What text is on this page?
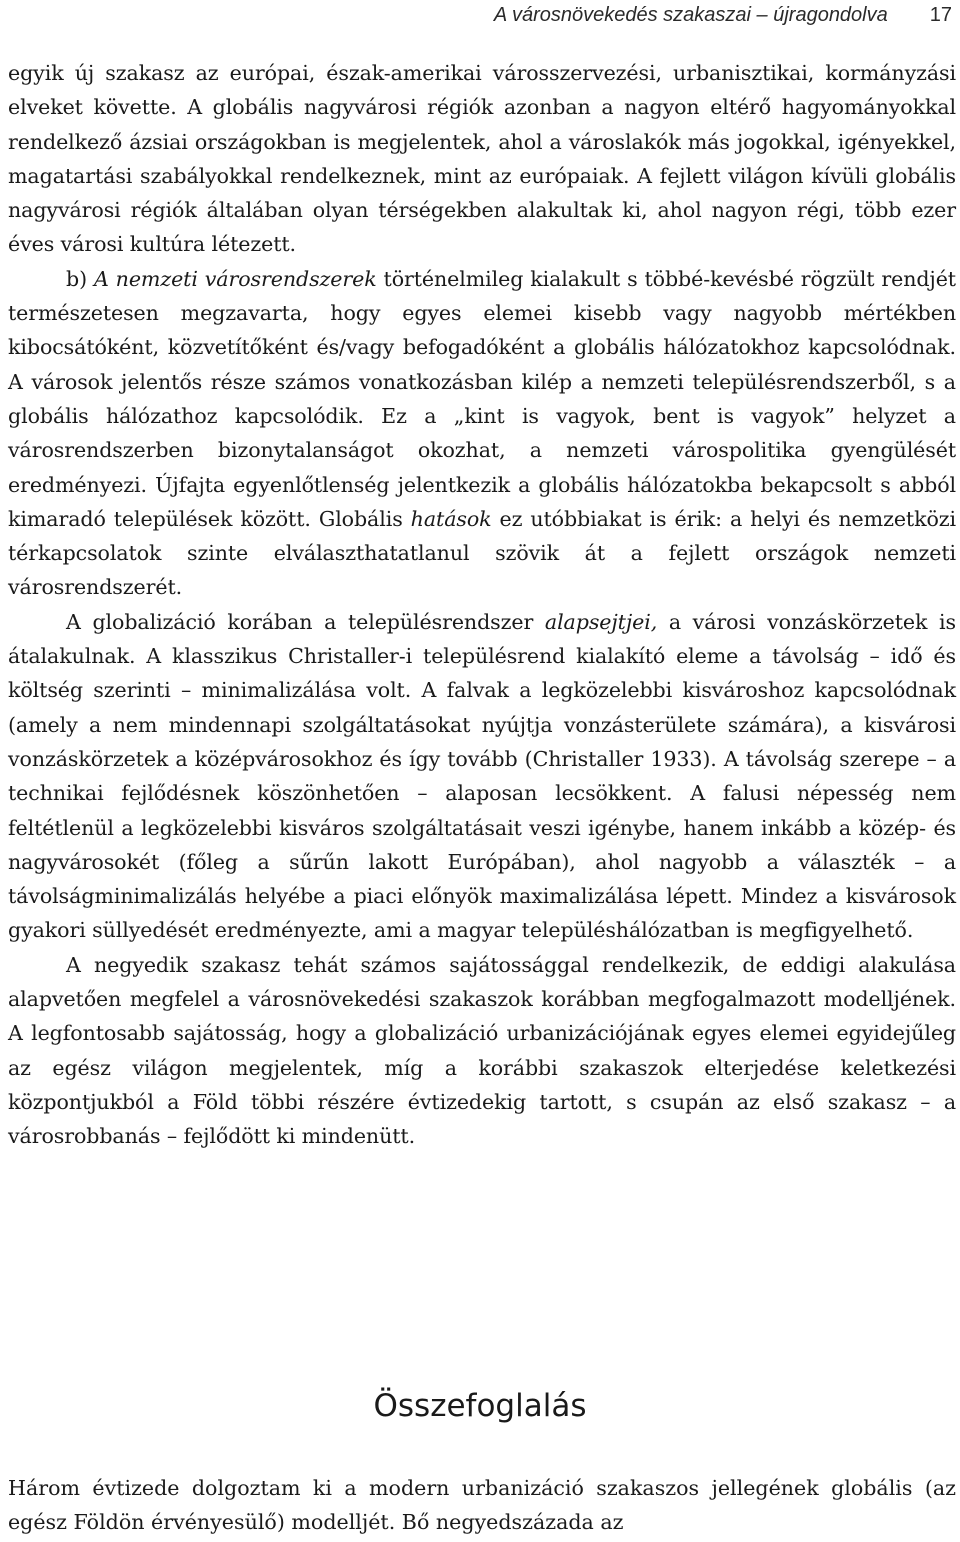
A városnövekedés szakaszai – újragondolva 17

egyik új szakasz az európai, észak-amerikai városszervezési, urbanisztikai, kormányzási elveket követte. A globális nagyvárosi régiók azonban a nagyon eltérő hagyományokkal rendelkező ázsiai országokban is megjelentek, ahol a városlakók más jogokkal, igényekkel, magatartási szabályokkal rendelkeznek, mint az európaiak. A fejlett világon kívüli globális nagyvárosi régiók általában olyan térségekben alakultak ki, ahol nagyon régi, több ezer éves városi kultúra létezett.

b) A nemzeti városrendszerek történelmileg kialakult s többé-kevésbé rögzült rendjét természetesen megzavarta, hogy egyes elemei kisebb vagy nagyobb mértékben kibocsátóként, közvetítőként és/vagy befogadóként a globális hálózatokhoz kapcsolódnak. A városok jelentős része számos vonatkozásban kilép a nemzeti településrendszerből, s a globális hálózathoz kapcsolódik. Ez a „kint is vagyok, bent is vagyok” helyzet a városrendszerben bizonytalanságot okozhat, a nemzeti várospolitika gyengülését eredményezi. Újfajta egyenlőtlenség jelentkezik a globális hálózatokba bekapcsolt s abból kimaradó települések között. Globális hatások ez utóbbiakat is érik: a helyi és nemzetközi térkapcsolatok szinte elválaszthatatlanul szövik át a fejlett országok nemzeti városrendszerét.

A globalizáció korában a településrendszer alapsejtjei, a városi vonzáskörzetek is átalakulnak. A klasszikus Christaller-i településrend kialakító eleme a távolság – idő és költség szerinti – minimalizálása volt. A falvak a legközelebbi kisvároshoz kapcsolódnak (amely a nem mindennapi szolgáltatásokat nyújtja vonzásterülete számára), a kisvárosi vonzáskörzetek a középvárosokhoz és így tovább (Christaller 1933). A távolság szerepe – a technikai fejlődésnek köszönhetően – alaposan lecsökkent. A falusi népesség nem feltétlenül a legközelebbi kisváros szolgáltatásait veszi igénybe, hanem inkább a közép- és nagyvárosokét (főleg a sűrűn lakott Európában), ahol nagyobb a választék – a távolságminimalizálás helyébe a piaci előnyök maximalizálása lépett. Mindez a kisvárosok gyakori süllyedését eredményezte, ami a magyar településhálózatban is megfigyelhető.

A negyedik szakasz tehát számos sajátossággal rendelkezik, de eddigi alakulása alapvetően megfelel a városnövekedési szakaszok korábban megfogalmazott modelljének. A legfontosabb sajátosság, hogy a globalizáció urbanizációjának egyes elemei egyidejűleg az egész világon megjelentek, míg a korábbi szakaszok elterjedése keletkezési központjukból a Föld többi részére évtizedekig tartott, s csupán az első szakasz – a városrobbanás – fejlődött ki mindenütt.

Összefoglalás

Három évtizede dolgoztam ki a modern urbanizáció szakaszos jellegének globális (az egész Földön érvényesülő) modelljét. Bő negyedszázada az
